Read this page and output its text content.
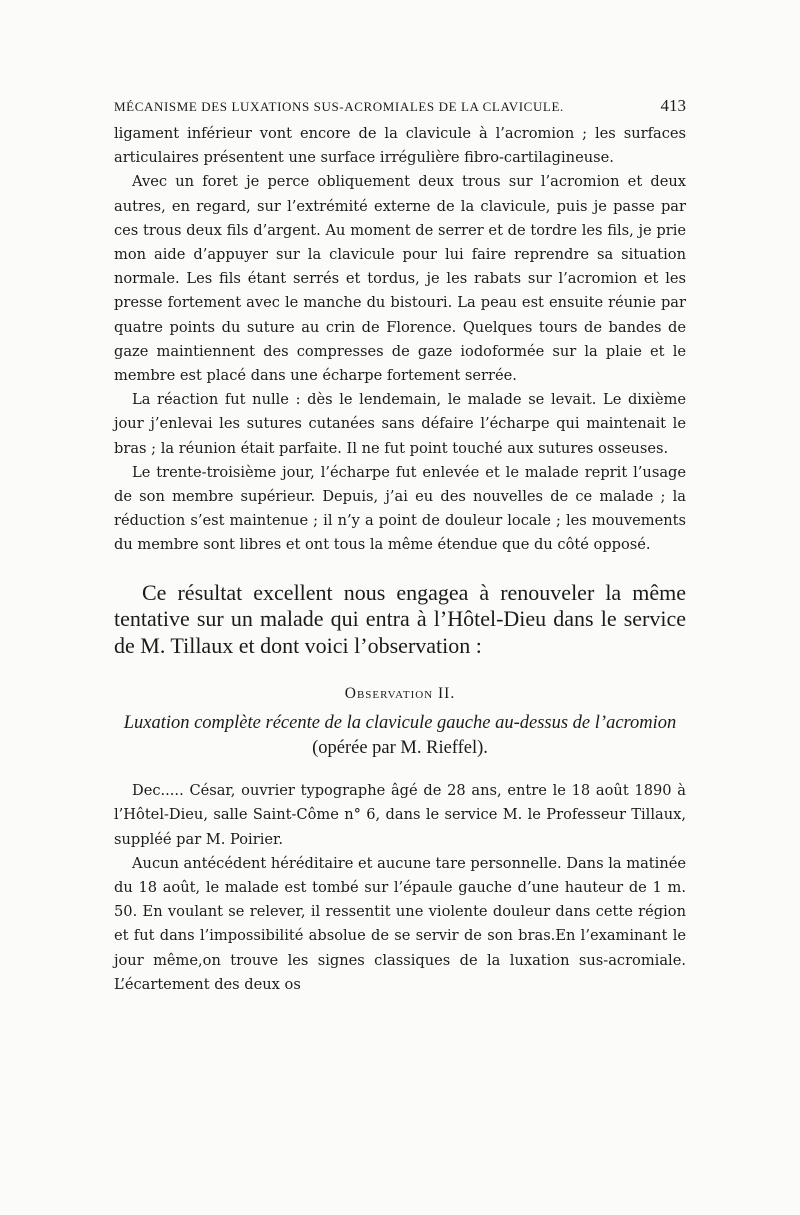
MÉCANISME DES LUXATIONS SUS-ACROMIALES DE LA CLAVICULE.	413

ligament inférieur vont encore de la clavicule à l’acromion ; les surfaces articulaires présentent une surface irrégulière fibro-cartilagineuse.

Avec un foret je perce obliquement deux trous sur l’acromion et deux autres, en regard, sur l’extrémité externe de la clavicule, puis je passe par ces trous deux fils d’argent. Au moment de serrer et de tordre les fils, je prie mon aide d’appuyer sur la clavicule pour lui faire reprendre sa situation normale. Les fils étant serrés et tordus, je les rabats sur l’acromion et les presse fortement avec le manche du bistouri. La peau est ensuite réunie par quatre points du suture au crin de Florence. Quelques tours de bandes de gaze maintiennent des compresses de gaze iodoformée sur la plaie et le membre est placé dans une écharpe fortement serrée.

La réaction fut nulle : dès le lendemain, le malade se levait. Le dixième jour j’enlevai les sutures cutanées sans défaire l’écharpe qui maintenait le bras ; la réunion était parfaite. Il ne fut point touché aux sutures osseuses.

Le trente-troisième jour, l’écharpe fut enlevée et le malade reprit l’usage de son membre supérieur. Depuis, j’ai eu des nouvelles de ce malade ; la réduction s’est maintenue ; il n’y a point de douleur locale ; les mouvements du membre sont libres et ont tous la même étendue que du côté opposé.

Ce résultat excellent nous engagea à renouveler la même tentative sur un malade qui entra à l’Hôtel-Dieu dans le service de M. Tillaux et dont voici l’observation :

Observation II.
Luxation complète récente de la clavicule gauche au-dessus de l’acromion (opérée par M. Rieffel).

Dec..... César, ouvrier typographe âgé de 28 ans, entre le 18 août 1890 à l’Hôtel-Dieu, salle Saint-Côme n° 6, dans le service M. le Professeur Tillaux, suppléé par M. Poirier.

Aucun antécédent héréditaire et aucune tare personnelle. Dans la matinée du 18 août, le malade est tombé sur l’épaule gauche d’une hauteur de 1 m. 50. En voulant se relever, il ressentit une violente douleur dans cette région et fut dans l’impossibilité absolue de se servir de son bras.En l’examinant le jour même,on trouve les signes classiques de la luxation sus-acromiale. L’écartement des deux os
